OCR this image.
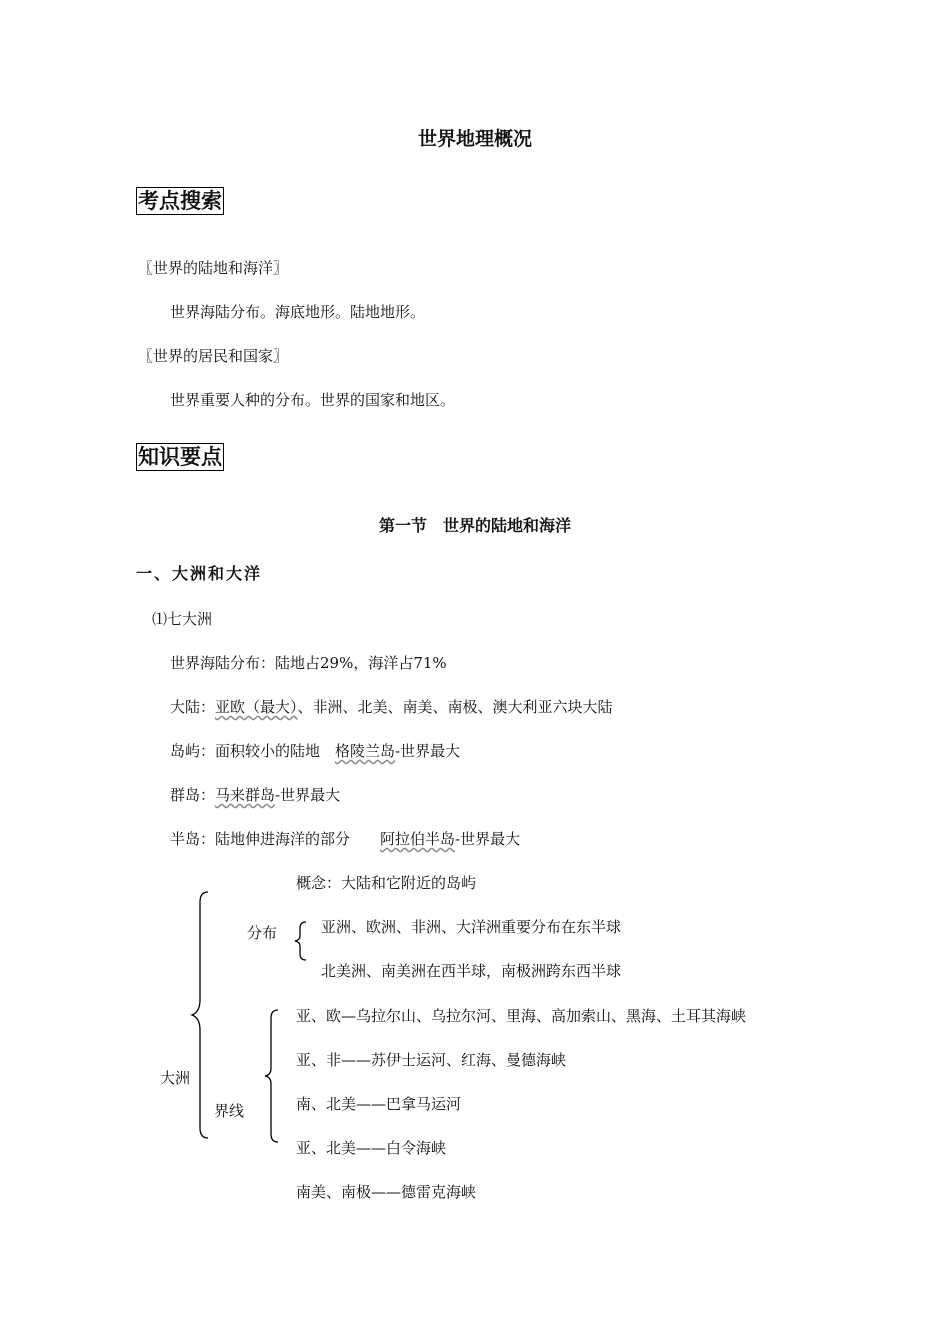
世界地理概况
考点搜索
〖世界的陆地和海洋〗
世界海陆分布。海底地形。陆地地形。
〖世界的居民和国家〗
世界重要人种的分布。世界的国家和地区。
知识要点
第一节　世界的陆地和海洋
一、大洲和大洋
⑴七大洲
世界海陆分布：陆地占29%，海洋占71%
大陆：亚欧（最大）、非洲、北美、南美、南极、澳大利亚六块大陆
岛屿：面积较小的陆地　格陵兰岛-世界最大
群岛：马来群岛-世界最大
半岛：陆地伸进海洋的部分　　阿拉伯半岛-世界最大
概念：大陆和它附近的岛屿
分布	亚洲、欧洲、非洲、大洋洲重要分布在东半球
北美洲、南美洲在西半球，南极洲跨东西半球
大洲
界线
亚、欧—乌拉尔山、乌拉尔河、里海、高加索山、黑海、土耳其海峡
亚、非——苏伊士运河、红海、曼德海峡
南、北美——巴拿马运河
亚、北美——白令海峡
南美、南极——德雷克海峡
